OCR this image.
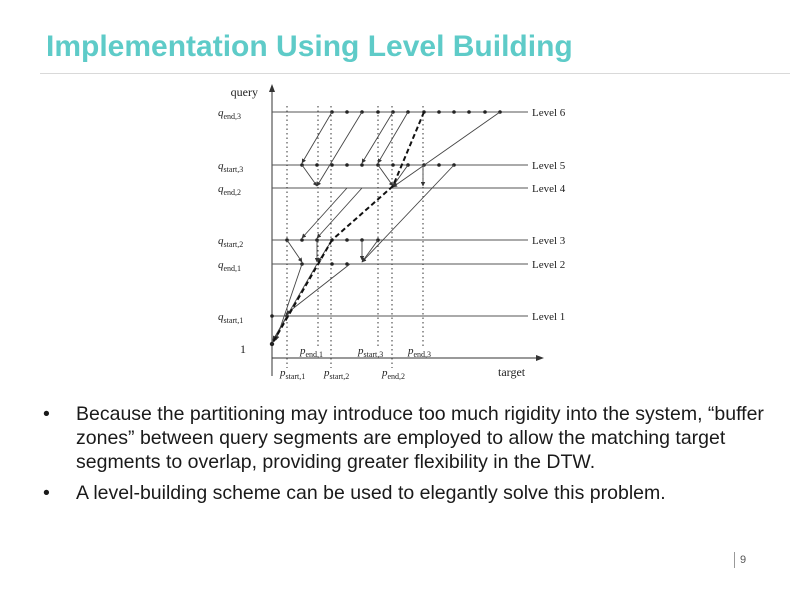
Implementation Using Level Building
query
$q_{end,3}$
$q_{start,3}$
$q_{end,2}$
$q_{start,2}$
$q_{end,1}$
$q_{start,1}$
1
Level 6
Level 5
Level 4
Level 3
Level 2
Level 1
$p_{end,1}$	$p_{start,3}$ $p_{end,3}$
$p_{start,1}$ $p_{start,2}$	$p_{end,2}$	target
• Because the partitioning may introduce too much rigidity into the system, “buffer zones” between query segments are employed to allow the matching target segments to overlap, providing greater flexibility in the DTW.
• A level-building scheme can be used to elegantly solve this problem.
9
